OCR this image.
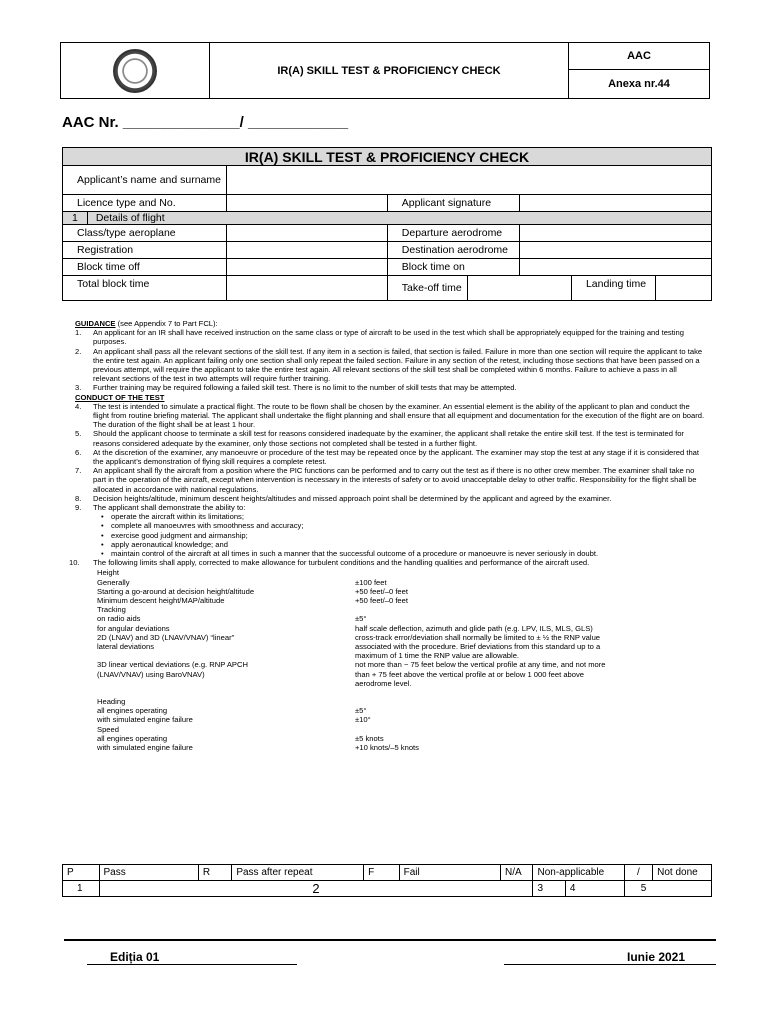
	IR(A) SKILL TEST & PROFICIENCY CHECK	AAC
Anexa nr.44
AAC Nr. ______________/ ____________
IR(A) SKILL TEST & PROFICIENCY CHECK							
Applicant’s name and surname							
Licence type and No.			Applicant signature				
1	Details of flight						
Class/type aeroplane			Departure aerodrome				
Registration			Destination aerodrome				
Block time off			Block time on				
Total block time			Take-off time			Landing time	

GUIDANCE (see Appendix 7 to Part FCL):

1. An applicant for an IR shall have received instruction on the same class or type of aircraft to be used in the test which shall be appropriately equipped for the training and testing purposes.
2. An applicant shall pass all the relevant sections of the skill test. If any item in a section is failed, that section is failed. Failure in more than one section will require the applicant to take the entire test again. An applicant failing only one section shall only repeat the failed section. Failure in any section of the retest, including those sections that have been passed on a previous attempt, will require the applicant to take the entire test again. All relevant sections of the skill test shall be completed within 6 months. Failure to achieve a pass in all relevant sections of the test in two attempts will require further training.
3. Further training may be required following a failed skill test. There is no limit to the number of skill tests that may be attempted.

CONDUCT OF THE TEST

4. The test is intended to simulate a practical flight. The route to be flown shall be chosen by the examiner. An essential element is the ability of the applicant to plan and conduct the flight from routine briefing material. The applicant shall undertake the flight planning and shall ensure that all equipment and documentation for the execution of the flight are on board. The duration of the flight shall be at least 1 hour.
5. Should the applicant choose to terminate a skill test for reasons considered inadequate by the examiner, the applicant shall retake the entire skill test. If the test is terminated for reasons considered adequate by the examiner, only those sections not completed shall be tested in a further flight.
6. At the discretion of the examiner, any manoeuvre or procedure of the test may be repeated once by the applicant. The examiner may stop the test at any stage if it is considered that the applicant’s demonstration of flying skill requires a complete retest.
7. An applicant shall fly the aircraft from a position where the PIC functions can be performed and to carry out the test as if there is no other crew member. The examiner shall take no part in the operation of the aircraft, except when intervention is necessary in the interests of safety or to avoid unacceptable delay to other traffic. Responsibility for the flight shall be allocated in accordance with national regulations.
8. Decision heights/altitude, minimum descent heights/altitudes and missed approach point shall be determined by the applicant and agreed by the examiner.
9. The applicant shall demonstrate the ability to:
• operate the aircraft within its limitations;
• complete all manoeuvres with smoothness and accuracy;
• exercise good judgment and airmanship;
• apply aeronautical knowledge; and
• maintain control of the aircraft at all times in such a manner that the successful outcome of a procedure or manoeuvre is never seriously in doubt.
10. The following limits shall apply, corrected to make allowance for turbulent conditions and the handling qualities and performance of the aircraft used.
Height
Generally	±100 feet
Starting a go-around at decision height/altitude	+50 feet/–0 feet
Minimum descent height/MAP/altitude	+50 feet/–0 feet
Tracking
on radio aids	±5°
for angular deviations	half scale deflection, azimuth and glide path (e.g. LPV, ILS, MLS, GLS)
2D (LNAV) and 3D (LNAV/VNAV) “linear”	cross-track error/deviation shall normally be limited to ± ½ the RNP value
lateral deviations	associated with the procedure. Brief deviations from this standard up to a
maximum of 1 time the RNP value are allowable.
3D linear vertical deviations (e.g. RNP APCH	not more than − 75 feet below the vertical profile at any time, and not more
(LNAV/VNAV) using BaroVNAV)	than + 75 feet above the vertical profile at or below 1 000 feet above
aerodrome level.
Heading
all engines operating	±5°
with simulated engine failure	±10°
Speed
all engines operating	±5 knots
with simulated engine failure	+10 knots/–5 knots
P	Pass	R	Pass after repeat	F	Fail	N/A	Non-applicable		/	Not done
1	2						3	4	5	
Ediția 01	Iunie 2021
